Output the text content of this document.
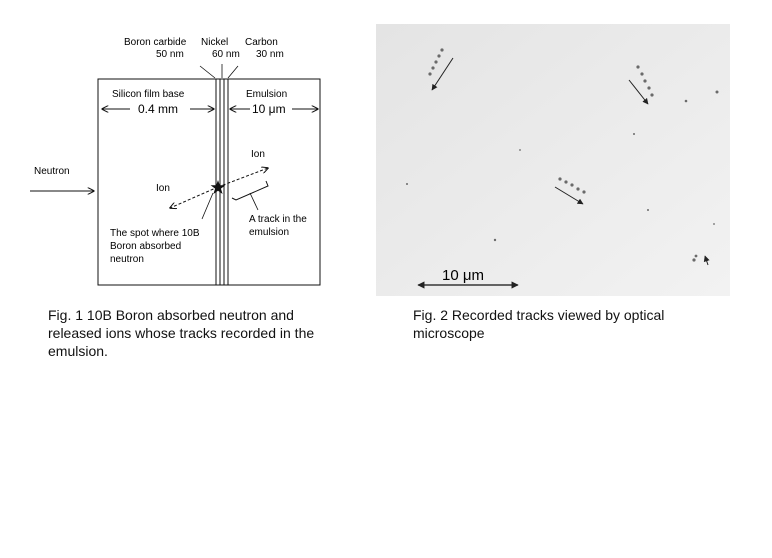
Boron carbide
50 nm
Nickel
60 nm
Carbon
30 nm
Silicon film base
0.4 mm
Emulsion
10 μm
Neutron
Ion
Ion
A track in the
emulsion
The spot where 10B
Boron absorbed
neutron
Fig. 1 10B Boron absorbed neutron and released ions whose tracks recorded in the emulsion.
10 μm
Fig. 2 Recorded tracks viewed by optical microscope
